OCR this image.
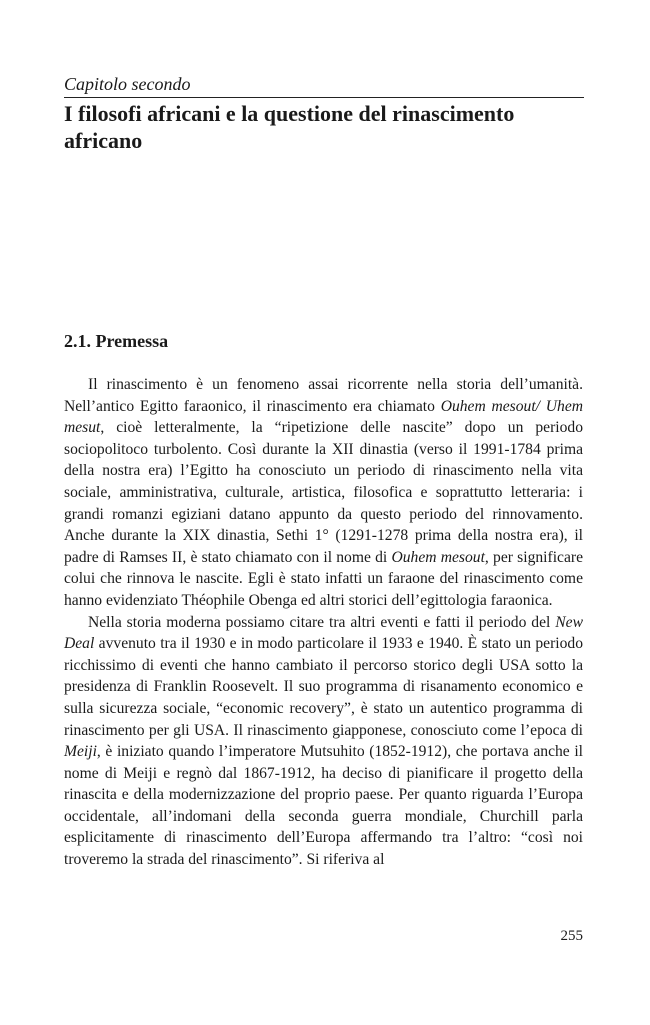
Capitolo secondo
I filosofi africani e la questione del rinascimento africano
2.1. Premessa

Il rinascimento è un fenomeno assai ricorrente nella storia dell’umanità. Nell’antico Egitto faraonico, il rinascimento era chiamato Ouhem mesout/ Uhem mesut, cioè letteralmente, la “ripetizione delle nascite” dopo un periodo sociopolitoco turbolento. Così durante la XII dinastia (verso il 1991-1784 prima della nostra era) l’Egitto ha conosciuto un periodo di rinascimento nella vita sociale, amministrativa, culturale, artistica, filosofica e soprattutto letteraria: i grandi romanzi egiziani datano appunto da questo periodo del rinnovamento. Anche durante la XIX dinastia, Sethi 1° (1291-1278 prima della nostra era), il padre di Ramses II, è stato chiamato con il nome di Ouhem mesout, per significare colui che rinnova le nascite. Egli è stato infatti un faraone del rinascimento come hanno evidenziato Théophile Obenga ed altri storici dell’egittologia faraonica.

Nella storia moderna possiamo citare tra altri eventi e fatti il periodo del New Deal avvenuto tra il 1930 e in modo particolare il 1933 e 1940. È stato un periodo ricchissimo di eventi che hanno cambiato il percorso storico degli USA sotto la presidenza di Franklin Roosevelt. Il suo programma di risanamento economico e sulla sicurezza sociale, “economic recovery”, è stato un autentico programma di rinascimento per gli USA. Il rinascimento giapponese, conosciuto come l’epoca di Meiji, è iniziato quando l’imperatore Mutsuhito (1852-1912), che portava anche il nome di Meiji e regnò dal 1867-1912, ha deciso di pianificare il progetto della rinascita e della modernizzazione del proprio paese. Per quanto riguarda l’Europa occidentale, all’indomani della seconda guerra mondiale, Churchill parla esplicitamente di rinascimento dell’Europa affermando tra l’altro: “così noi troveremo la strada del rinascimento”. Si riferiva al

255
